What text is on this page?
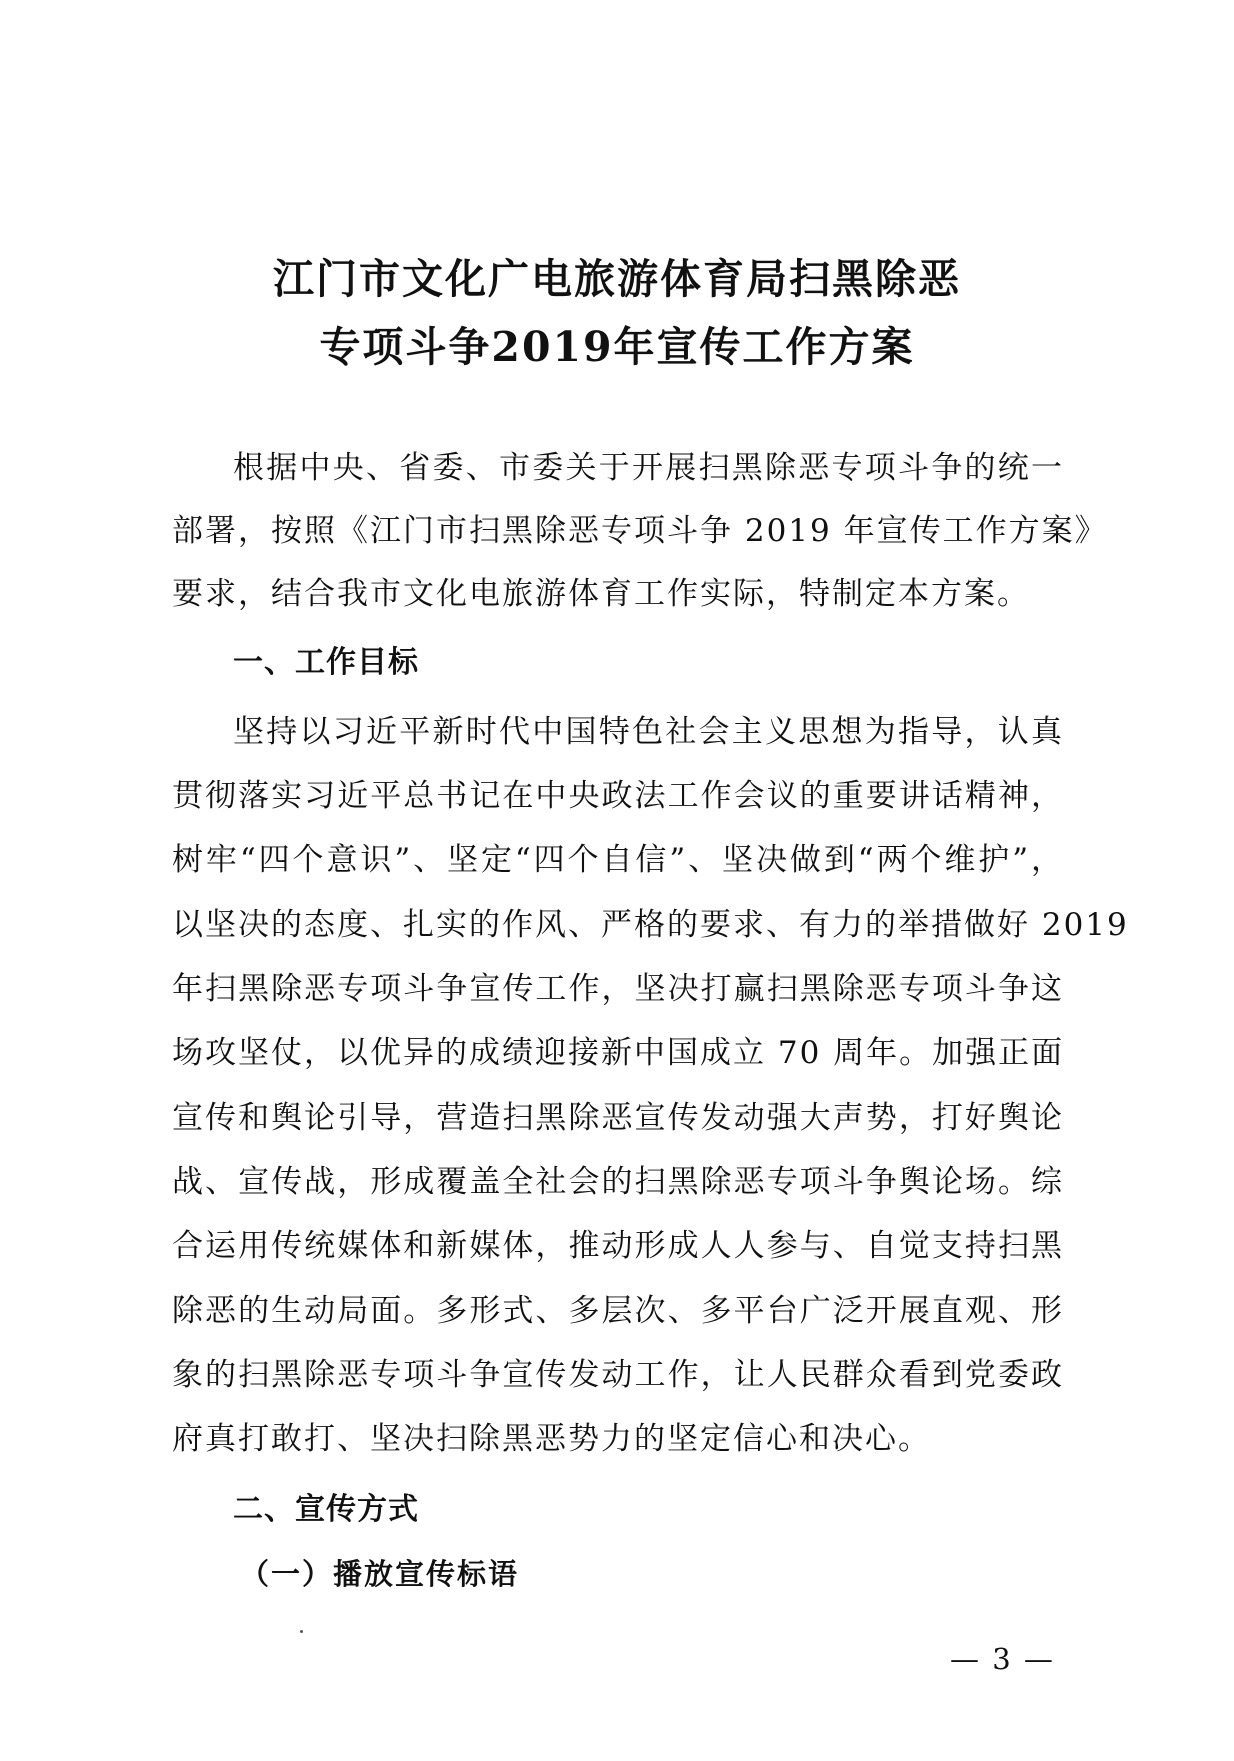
江门市文化广电旅游体育局扫黑除恶
专项斗争2019年宣传工作方案
根据中央、省委、市委关于开展扫黑除恶专项斗争的统一
部署，按照《江门市扫黑除恶专项斗争 2019 年宣传工作方案》
要求，结合我市文化电旅游体育工作实际，特制定本方案。
一、工作目标
坚持以习近平新时代中国特色社会主义思想为指导，认真
贯彻落实习近平总书记在中央政法工作会议的重要讲话精神，
树牢“四个意识”、坚定“四个自信”、坚决做到“两个维护”，
以坚决的态度、扎实的作风、严格的要求、有力的举措做好 2019
年扫黑除恶专项斗争宣传工作，坚决打赢扫黑除恶专项斗争这
场攻坚仗，以优异的成绩迎接新中国成立 70 周年。加强正面
宣传和舆论引导，营造扫黑除恶宣传发动强大声势，打好舆论
战、宣传战，形成覆盖全社会的扫黑除恶专项斗争舆论场。综
合运用传统媒体和新媒体，推动形成人人参与、自觉支持扫黑
除恶的生动局面。多形式、多层次、多平台广泛开展直观、形
象的扫黑除恶专项斗争宣传发动工作，让人民群众看到党委政
府真打敢打、坚决扫除黑恶势力的坚定信心和决心。
二、宣传方式
（一）播放宣传标语
— 3 —
